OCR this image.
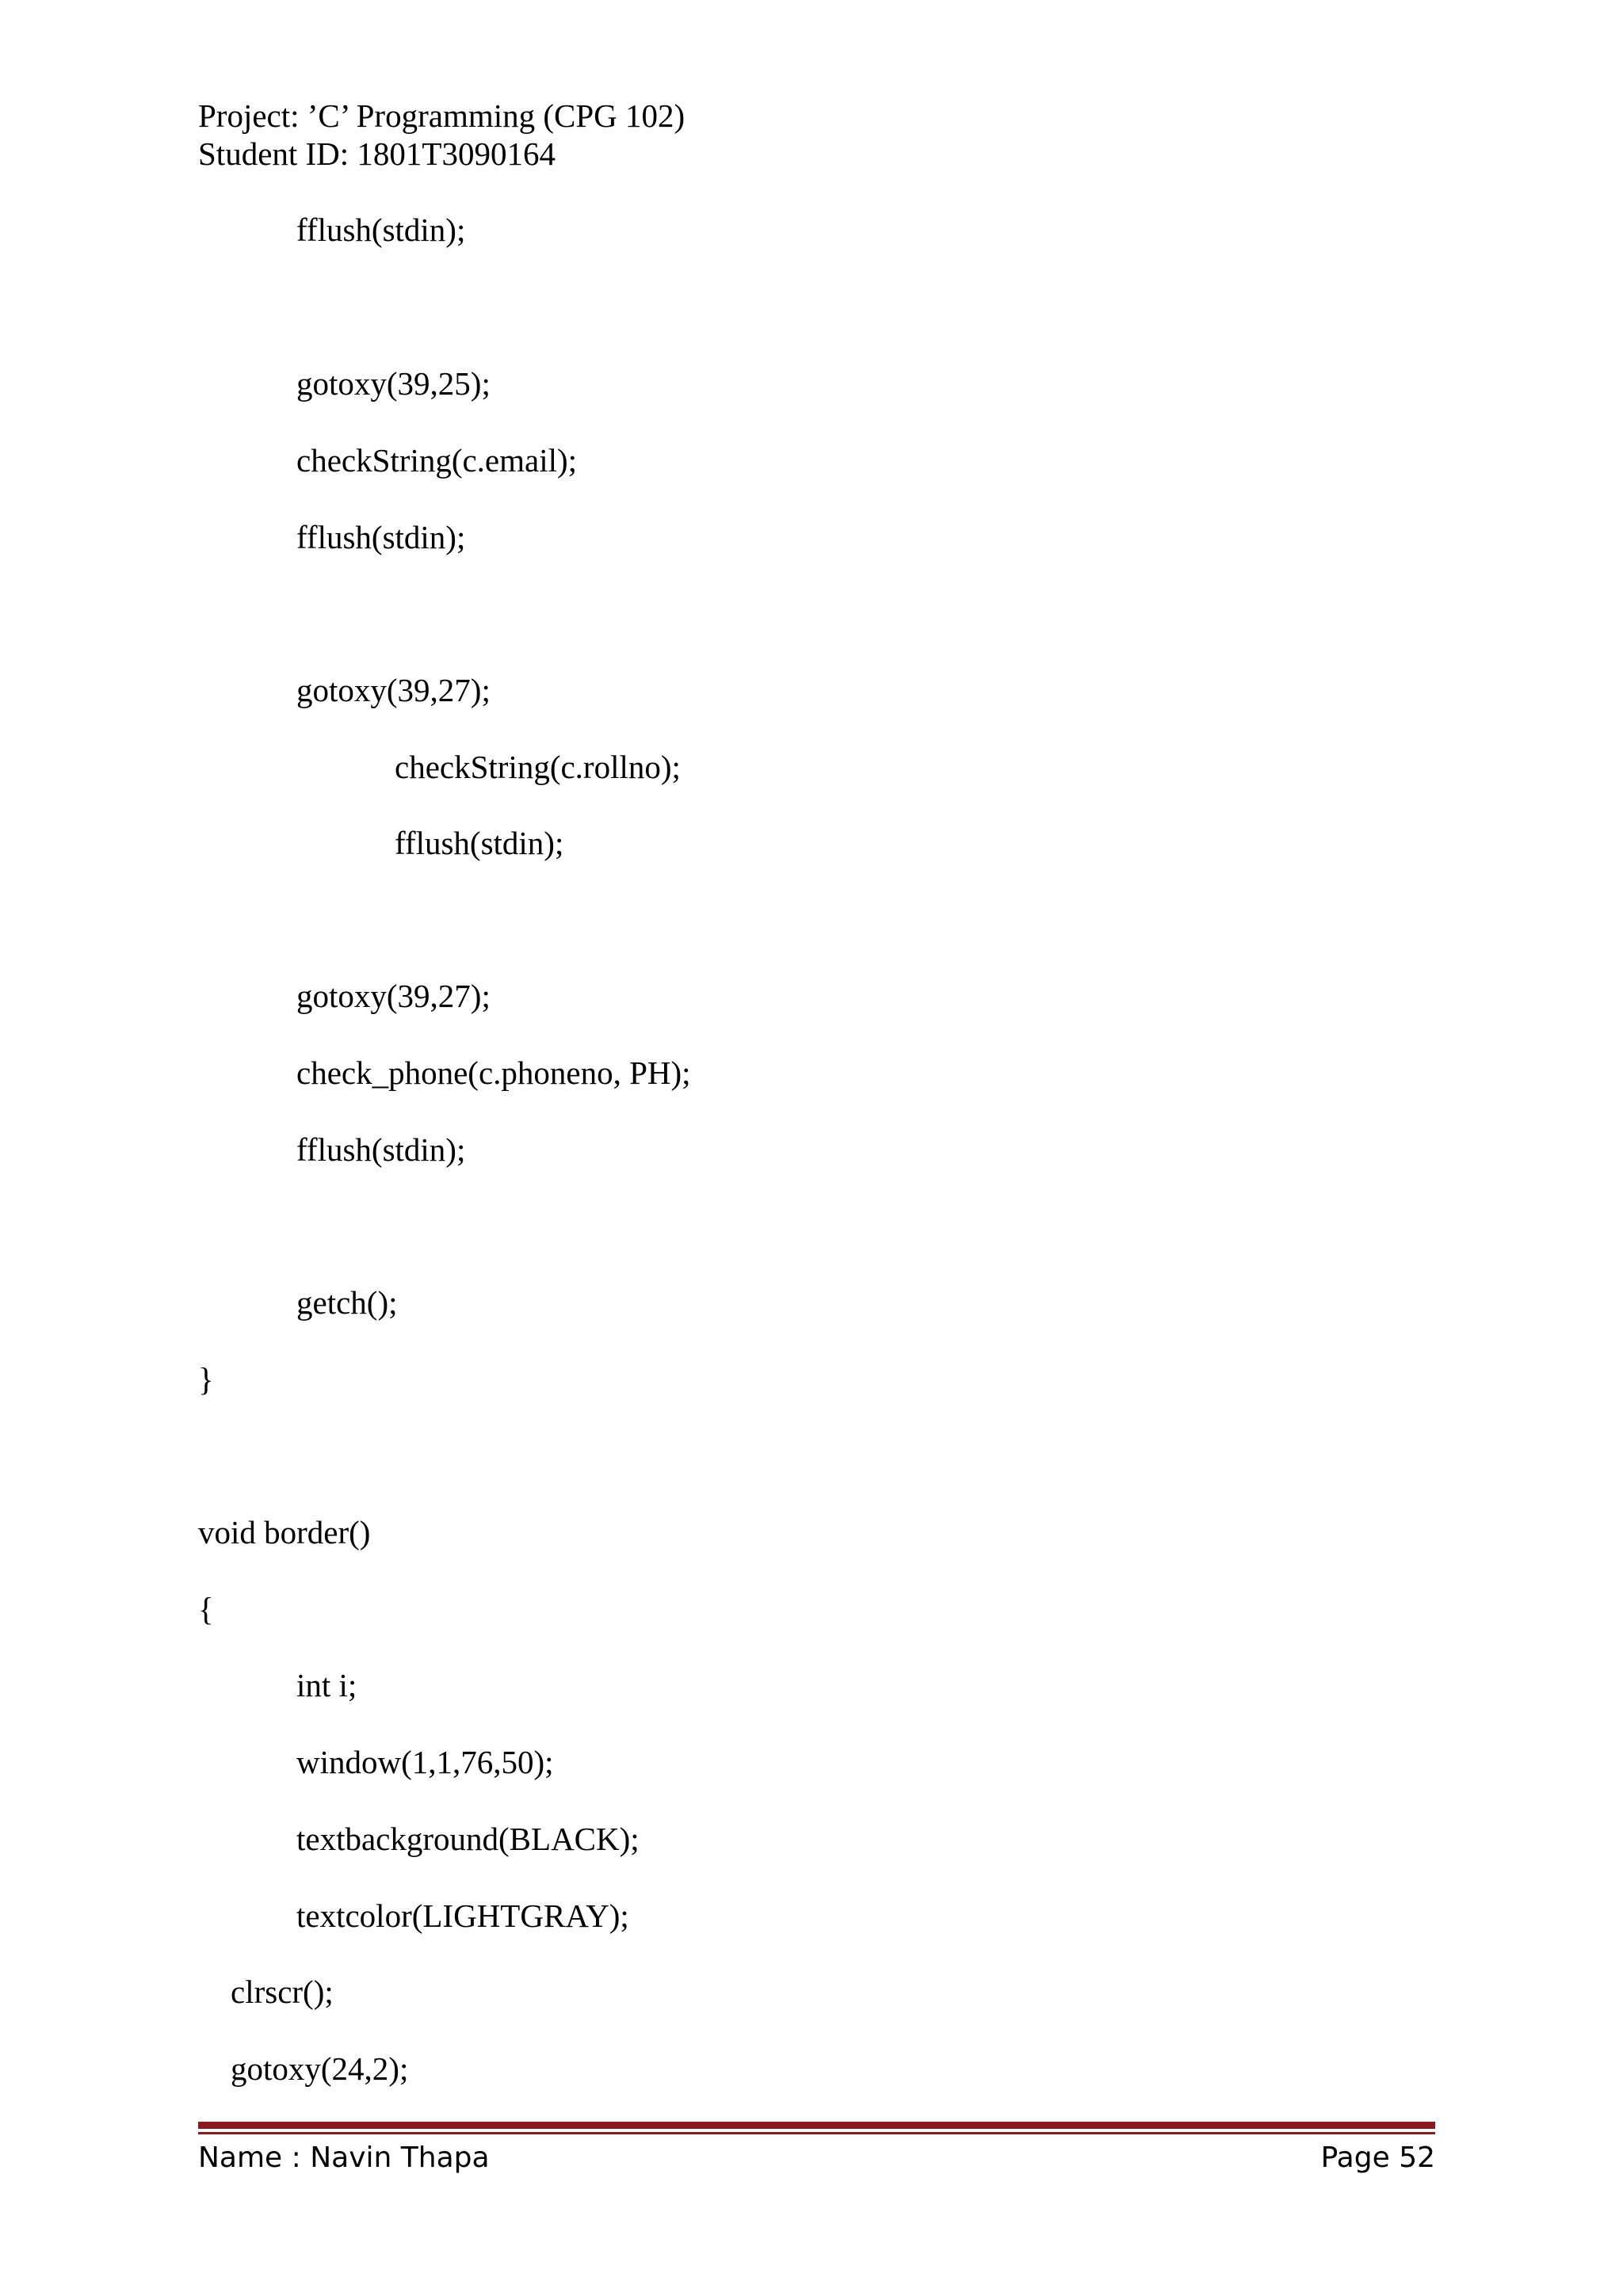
Project: ’C’ Programming (CPG 102)
Student ID: 1801T3090164
fflush(stdin);
gotoxy(39,25);
checkString(c.email);
fflush(stdin);
gotoxy(39,27);
checkString(c.rollno);
fflush(stdin);
gotoxy(39,27);
check_phone(c.phoneno, PH);
fflush(stdin);
getch();
}
void border()
{
int i;
window(1,1,76,50);
textbackground(BLACK);
textcolor(LIGHTGRAY);
clrscr();
gotoxy(24,2);
Name : Navin Thapa	Page 52
